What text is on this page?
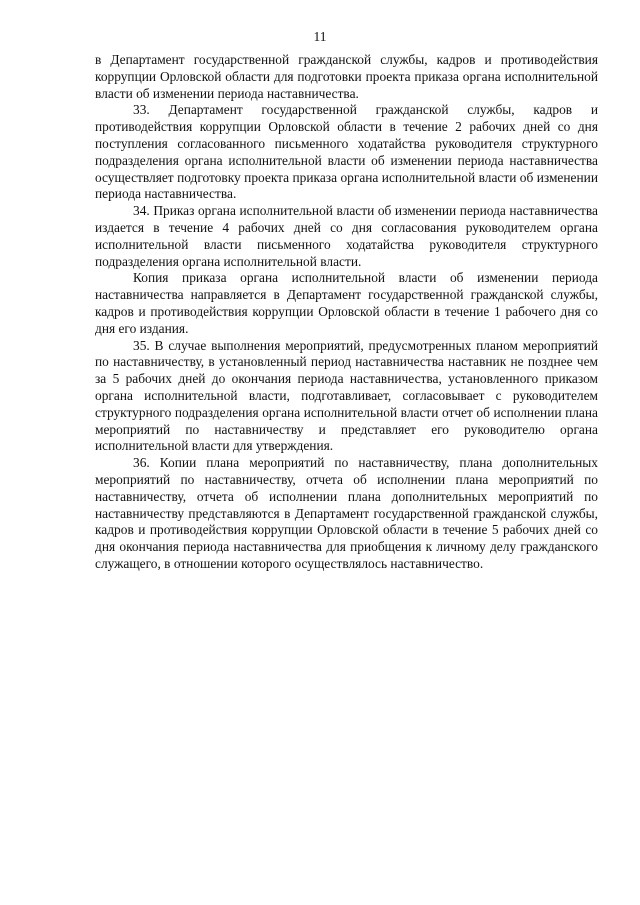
11

в Департамент государственной гражданской службы, кадров и противодействия коррупции Орловской области для подготовки проекта приказа органа исполнительной власти об изменении периода наставничества.

33. Департамент государственной гражданской службы, кадров и противодействия коррупции Орловской области в течение 2 рабочих дней со дня поступления согласованного письменного ходатайства руководителя структурного подразделения органа исполнительной власти об изменении периода наставничества осуществляет подготовку проекта приказа органа исполнительной власти об изменении периода наставничества.

34. Приказ органа исполнительной власти об изменении периода наставничества издается в течение 4 рабочих дней со дня согласования руководителем органа исполнительной власти письменного ходатайства руководителя структурного подразделения органа исполнительной власти.

Копия приказа органа исполнительной власти об изменении периода наставничества направляется в Департамент государственной гражданской службы, кадров и противодействия коррупции Орловской области в течение 1 рабочего дня со дня его издания.

35. В случае выполнения мероприятий, предусмотренных планом мероприятий по наставничеству, в установленный период наставничества наставник не позднее чем за 5 рабочих дней до окончания периода наставничества, установленного приказом органа исполнительной власти, подготавливает, согласовывает с руководителем структурного подразделения органа исполнительной власти отчет об исполнении плана мероприятий по наставничеству и представляет его руководителю органа исполнительной власти для утверждения.

36. Копии плана мероприятий по наставничеству, плана дополнительных мероприятий по наставничеству, отчета об исполнении плана мероприятий по наставничеству, отчета об исполнении плана дополнительных мероприятий по наставничеству представляются в Департамент государственной гражданской службы, кадров и противодействия коррупции Орловской области в течение 5 рабочих дней со дня окончания периода наставничества для приобщения к личному делу гражданского служащего, в отношении которого осуществлялось наставничество.
